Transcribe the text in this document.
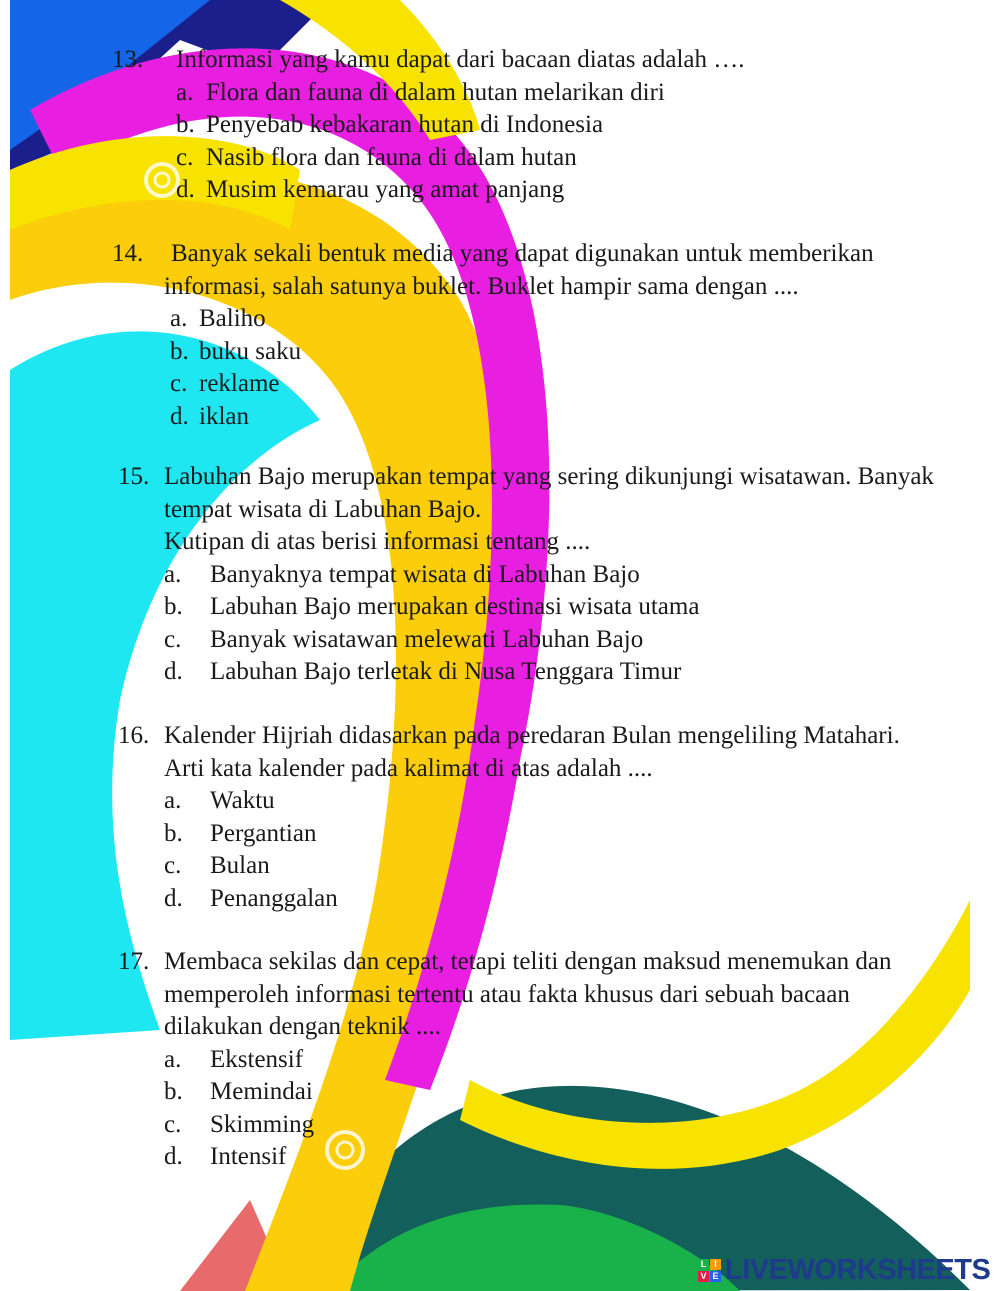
13. Informasi yang kamu dapat dari bacaan diatas adalah ….
a. Flora dan fauna di dalam hutan melarikan diri
b. Penyebab kebakaran hutan di Indonesia
c. Nasib flora dan fauna di dalam hutan
d. Musim kemarau yang amat panjang
14. Banyak sekali bentuk media yang dapat digunakan untuk memberikan
informasi, salah satunya buklet. Buklet hampir sama dengan ....
a. Baliho
b. buku saku
c. reklame
d. iklan
15. Labuhan Bajo merupakan tempat yang sering dikunjungi wisatawan. Banyak
tempat wisata di Labuhan Bajo.
Kutipan di atas berisi informasi tentang ....
a. Banyaknya tempat wisata di Labuhan Bajo
b. Labuhan Bajo merupakan destinasi wisata utama
c. Banyak wisatawan melewati Labuhan Bajo
d. Labuhan Bajo terletak di Nusa Tenggara Timur
16. Kalender Hijriah didasarkan pada peredaran Bulan mengeliling Matahari.
Arti kata kalender pada kalimat di atas adalah ....
a. Waktu
b. Pergantian
c. Bulan
d. Penanggalan
17. Membaca sekilas dan cepat, tetapi teliti dengan maksud menemukan dan
memperoleh informasi tertentu atau fakta khusus dari sebuah bacaan
dilakukan dengan teknik ....
a. Ekstensif
b. Memindai
c. Skimming
d. Intensif
L I
V E LIVEWORKSHEETS
